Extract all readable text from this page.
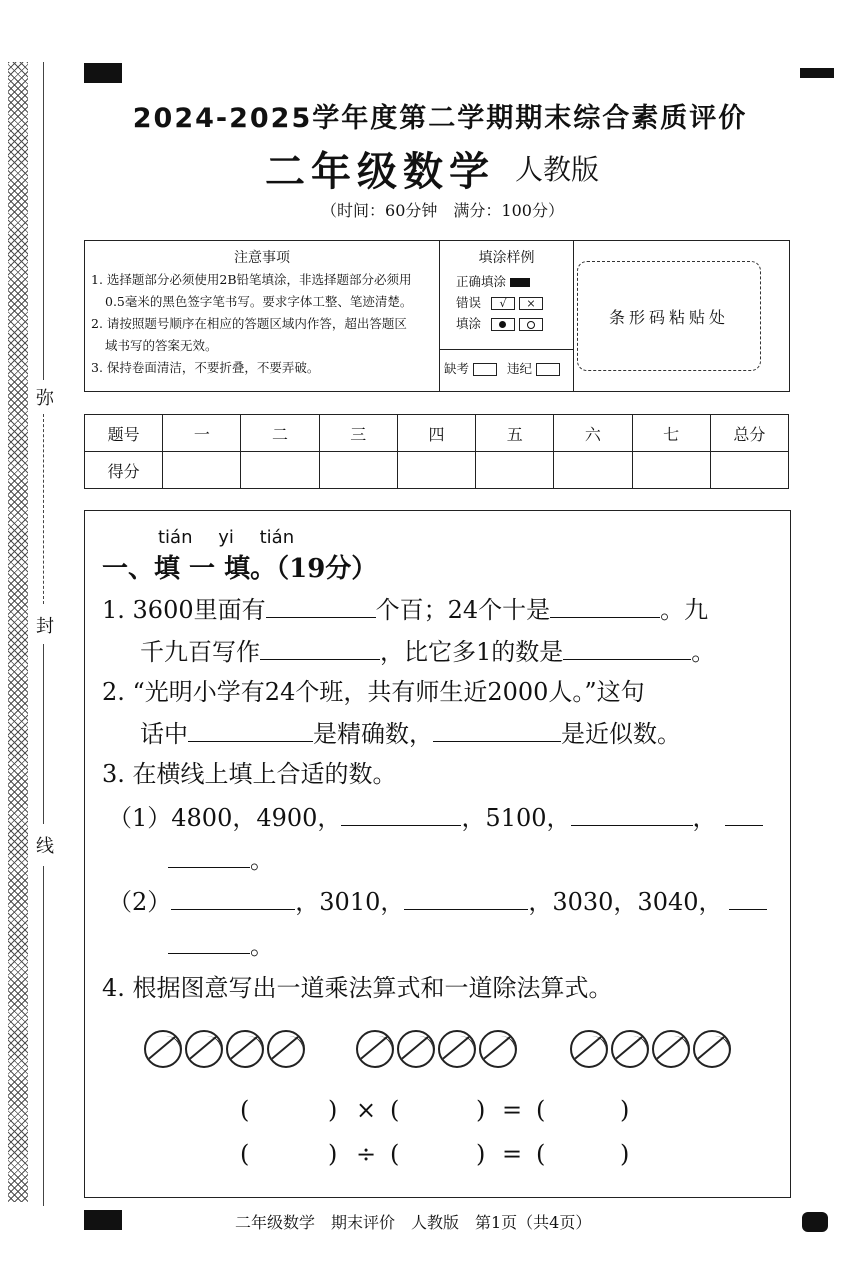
弥
封
线
2024-2025学年度第二学期期末综合素质评价
二年级数学 人教版
（时间：60分钟　满分：100分）
注意事项
1. 选择题部分必须使用2B铅笔填涂，非选择题部分必须用
0.5毫米的黑色签字笔书写。要求字体工整、笔迹清楚。
2. 请按照题号顺序在相应的答题区域内作答，超出答题区
域书写的答案无效。
3. 保持卷面清洁，不要折叠，不要弄破。
填涂样例
正确填涂
错误 √ ×
填涂

缺考	违纪
条形码粘贴处
题号	一	二	三	四	五	六	七	总分
得分								
tián yi tián
一、填 一 填。（19分）
1. 3600里面有	个百；24个十是	。九
千九百写作	，比它多1的数是	。
2. “光明小学有24个班，共有师生近2000人。”这句
话中	是精确数，	是近似数。
3. 在横线上填上合适的数。
（1）4800，4900，	，5100，	，
。
（2）	，3010，	，3030，3040，
。
4. 根据图意写出一道乘法算式和一道除法算式。
(	) × (	) = (	)
(	) ÷ (	) = (	)
二年级数学　期末评价　人教版　第1页（共4页）
